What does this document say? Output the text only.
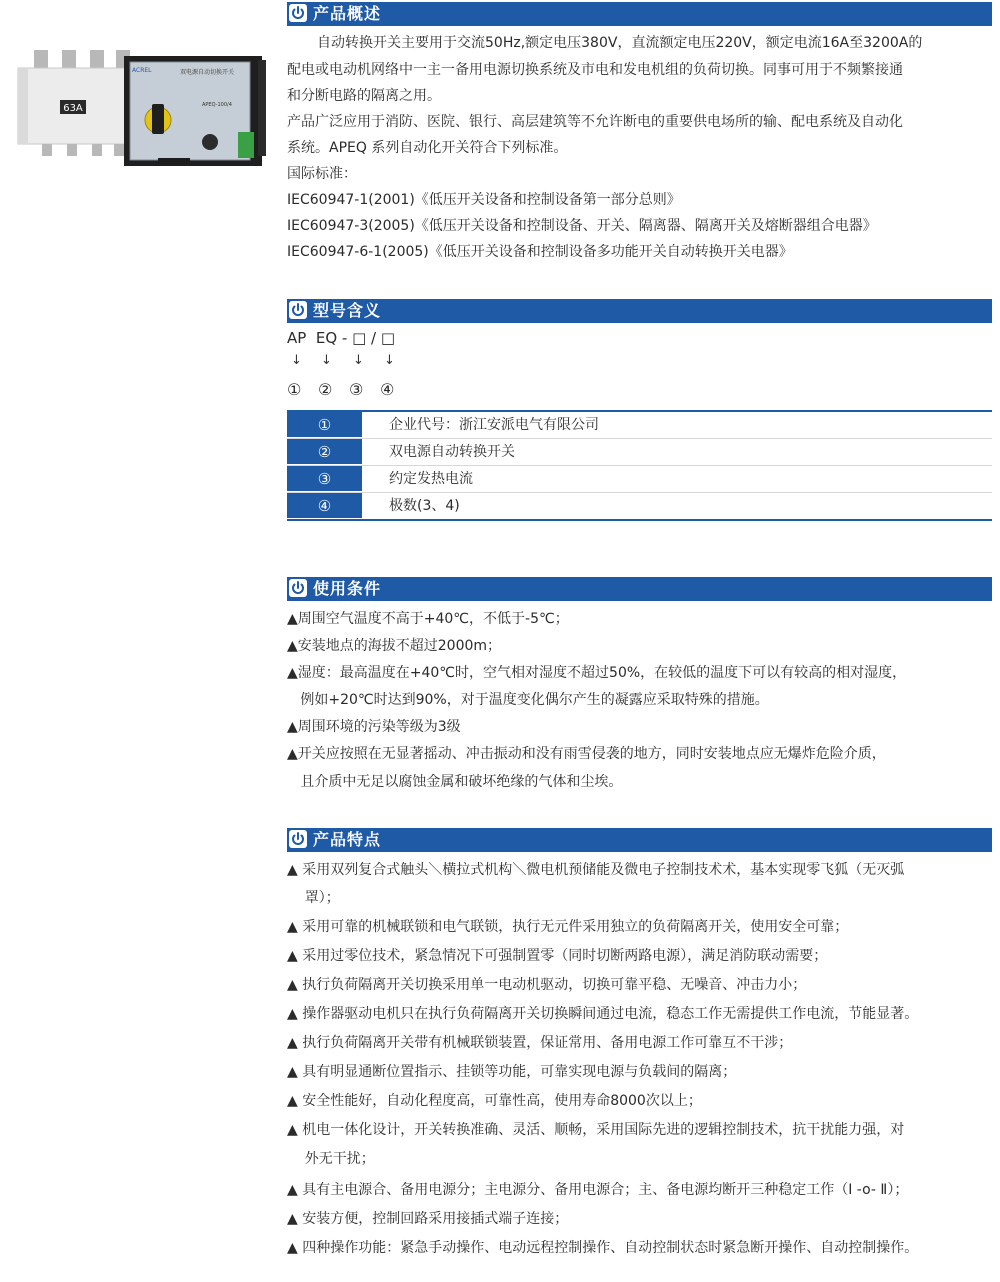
63A
双电源自动切换开关
ACREL
APEQ-100/4
产品概述
自动转换开关主要用于交流50Hz,额定电压380V，直流额定电压220V，额定电流16A至3200A的
配电或电动机网络中一主一备用电源切换系统及市电和发电机组的负荷切换。同事可用于不频繁接通
和分断电路的隔离之用。
产品广泛应用于消防、医院、银行、高层建筑等不允许断电的重要供电场所的输、配电系统及自动化
系统。APEQ 系列自动化开关符合下列标准。
国际标准：
IEC60947-1(2001)《低压开关设备和控制设备第一部分总则》
IEC60947-3(2005)《低压开关设备和控制设备、开关、隔离器、隔离开关及熔断器组合电器》
IEC60947-6-1(2005)《低压开关设备和控制设备多功能开关自动转换开关电器》
型号含义
AP  EQ - □ / □
↓ ↓ ↓ ↓
① ② ③ ④
①	企业代号：浙江安派电气有限公司
②	双电源自动转换开关
③	约定发热电流
④	极数(3、4)
使用条件
▲周围空气温度不高于+40℃，不低于-5℃；
▲安装地点的海拔不超过2000m；
▲湿度：最高温度在+40℃时，空气相对湿度不超过50%，在较低的温度下可以有较高的相对湿度，
例如+20℃时达到90%，对于温度变化偶尔产生的凝露应采取特殊的措施。
▲周围环境的污染等级为3级
▲开关应按照在无显著摇动、冲击振动和没有雨雪侵袭的地方，同时安装地点应无爆炸危险介质，
且介质中无足以腐蚀金属和破坏绝缘的气体和尘埃。
产品特点
▲ 采用双列复合式触头＼横拉式机构＼微电机预储能及微电子控制技术术，基本实现零飞狐（无灭弧
罩）；
▲ 采用可靠的机械联锁和电气联锁，执行无元件采用独立的负荷隔离开关，使用安全可靠；
▲ 采用过零位技术，紧急情况下可强制置零（同时切断两路电源），满足消防联动需要；
▲ 执行负荷隔离开关切换采用单一电动机驱动，切换可靠平稳、无噪音、冲击力小；
▲ 操作器驱动电机只在执行负荷隔离开关切换瞬间通过电流，稳态工作无需提供工作电流，节能显著。
▲ 执行负荷隔离开关带有机械联锁装置，保证常用、备用电源工作可靠互不干涉；
▲ 具有明显通断位置指示、挂锁等功能，可靠实现电源与负载间的隔离；
▲ 安全性能好，自动化程度高，可靠性高，使用寿命8000次以上；
▲ 机电一体化设计，开关转换准确、灵活、顺畅，采用国际先进的逻辑控制技术，抗干扰能力强，对
外无干扰；
▲ 具有主电源合、备用电源分；主电源分、备用电源合；主、备电源均断开三种稳定工作（Ⅰ -o- Ⅱ）；
▲ 安装方便，控制回路采用接插式端子连接；
▲ 四种操作功能：紧急手动操作、电动远程控制操作、自动控制状态时紧急断开操作、自动控制操作。
